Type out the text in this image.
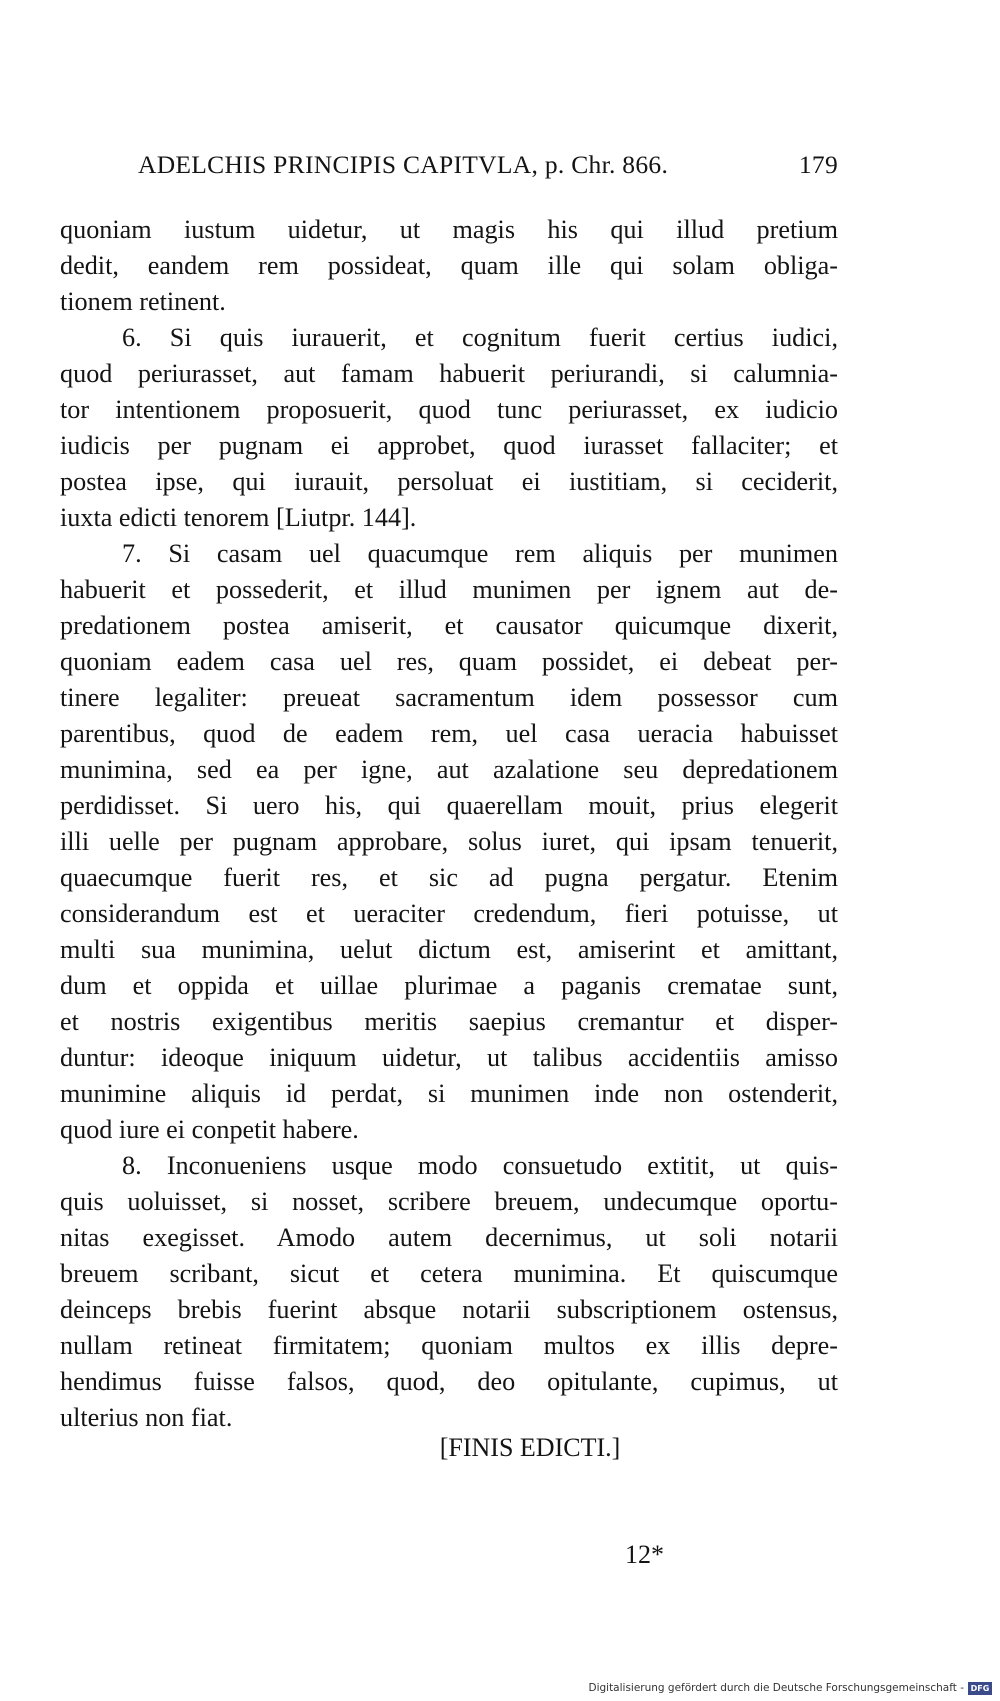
ADELCHIS PRINCIPIS CAPITVLA, p. Chr. 866.	179
quoniam iustum uidetur, ut magis his qui illud pretium
dedit, eandem rem possideat, quam ille qui solam obliga-
tionem retinent.
6. Si quis iurauerit, et cognitum fuerit certius iudici,
quod periurasset, aut famam habuerit periurandi, si calumnia-
tor intentionem proposuerit, quod tunc periurasset, ex iudicio
iudicis per pugnam ei approbet, quod iurasset fallaciter; et
postea ipse, qui iurauit, persoluat ei iustitiam, si ceciderit,
iuxta edicti tenorem [Liutpr. 144].
7. Si casam uel quacumque rem aliquis per munimen
habuerit et possederit, et illud munimen per ignem aut de-
predationem postea amiserit, et causator quicumque dixerit,
quoniam eadem casa uel res, quam possidet, ei debeat per-
tinere legaliter: preueat sacramentum idem possessor cum
parentibus, quod de eadem rem, uel casa ueracia habuisset
munimina, sed ea per igne, aut azalatione seu depredationem
perdidisset. Si uero his, qui quaerellam mouit, prius elegerit
illi uelle per pugnam approbare, solus iuret, qui ipsam tenuerit,
quaecumque fuerit res, et sic ad pugna pergatur. Etenim
considerandum est et ueraciter credendum, fieri potuisse, ut
multi sua munimina, uelut dictum est, amiserint et amittant,
dum et oppida et uillae plurimae a paganis crematae sunt,
et nostris exigentibus meritis saepius cremantur et disper-
duntur: ideoque iniquum uidetur, ut talibus accidentiis amisso
munimine aliquis id perdat, si munimen inde non ostenderit,
quod iure ei conpetit habere.
8. Inconueniens usque modo consuetudo extitit, ut quis-
quis uoluisset, si nosset, scribere breuem, undecumque oportu-
nitas exegisset. Amodo autem decernimus, ut soli notarii
breuem scribant, sicut et cetera munimina. Et quiscumque
deinceps brebis fuerint absque notarii subscriptionem ostensus,
nullam retineat firmitatem; quoniam multos ex illis depre-
hendimus fuisse falsos, quod, deo opitulante, cupimus, ut
ulterius non fiat.
[FINIS EDICTI.]
12*
Digitalisierung gefördert durch die Deutsche Forschungsgemeinschaft - DFG
